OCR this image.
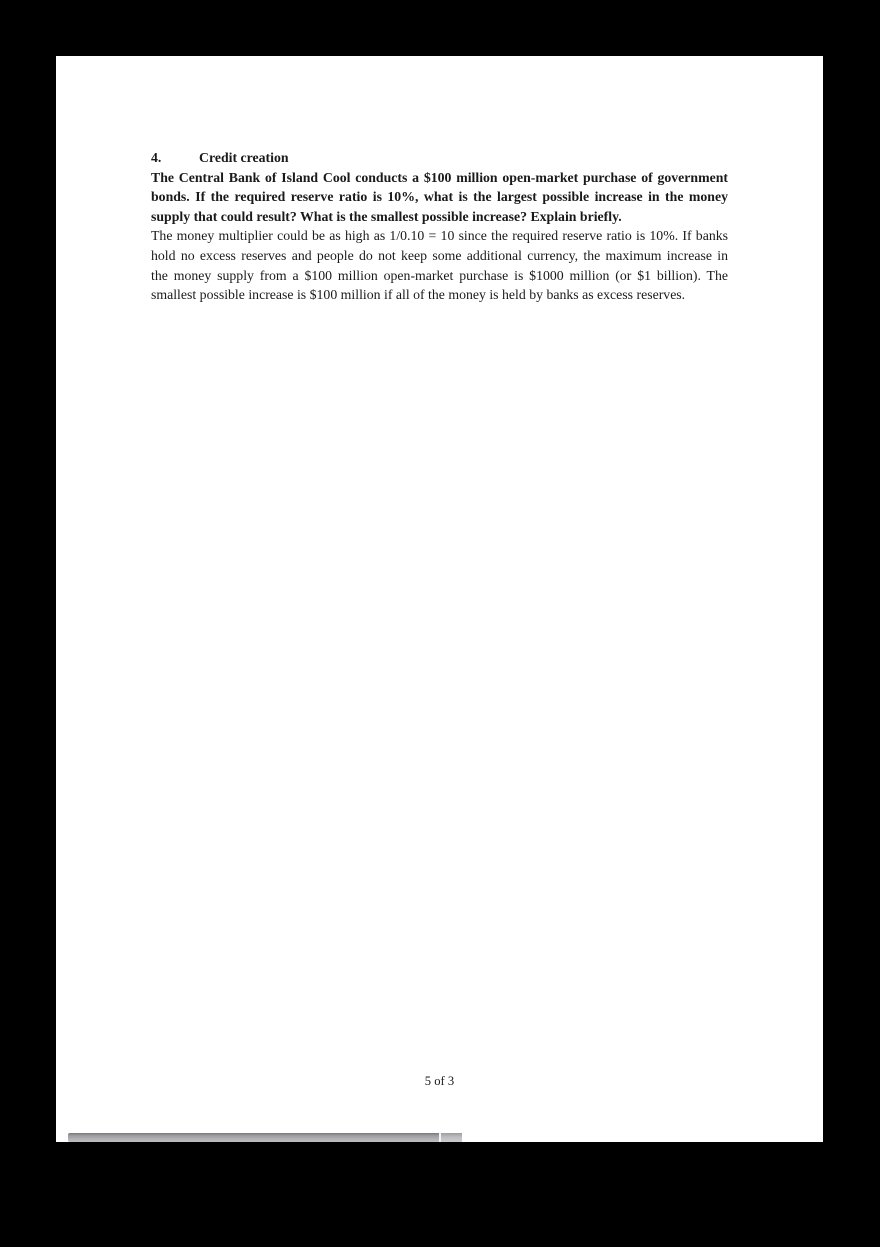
4.	Credit creation
The Central Bank of Island Cool conducts a $100 million open-market purchase of government
bonds. If the required reserve ratio is 10%, what is the largest possible increase in the money
supply that could result? What is the smallest possible increase? Explain briefly.
The money multiplier could be as high as 1/0.10 = 10 since the required reserve ratio is 10%. If banks
hold no excess reserves and people do not keep some additional currency, the maximum increase in
the money supply from a $100 million open-market purchase is $1000 million (or $1 billion). The
smallest possible increase is $100 million if all of the money is held by banks as excess reserves.
5 of 3
